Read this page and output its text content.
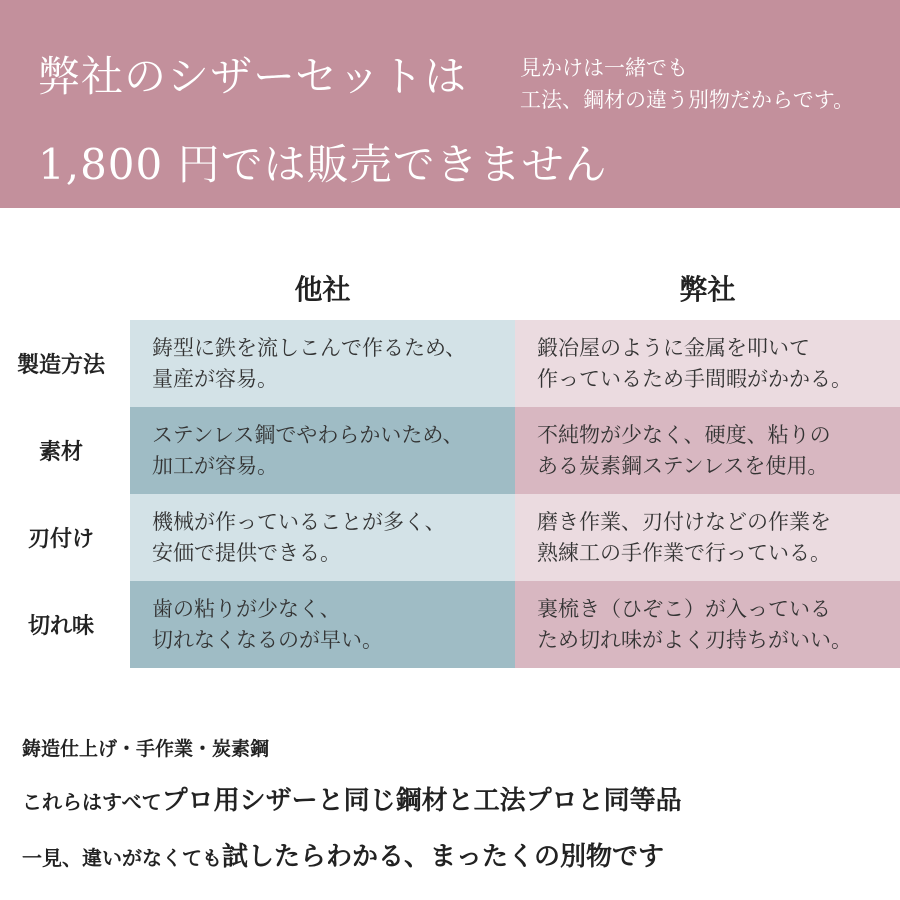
弊社のシザーセットは
1,800 円では販売できません
見かけは一緒でも
工法、鋼材の違う別物だからです。
他社	弊社
製造方法
鋳型に鉄を流しこんで作るため、
量産が容易。
鍛冶屋のように金属を叩いて
作っているため手間暇がかかる。
素材
ステンレス鋼でやわらかいため、
加工が容易。
不純物が少なく、硬度、粘りの
ある炭素鋼ステンレスを使用。
刃付け
機械が作っていることが多く、
安価で提供できる。
磨き作業、刃付けなどの作業を
熟練工の手作業で行っている。
切れ味
歯の粘りが少なく、
切れなくなるのが早い。
裏梳き（ひぞこ）が入っている
ため切れ味がよく刃持ちがいい。
鋳造仕上げ・手作業・炭素鋼
これらはすべてプロ用シザーと同じ鋼材と工法プロと同等品
一見、違いがなくても試したらわかる、まったくの別物です
